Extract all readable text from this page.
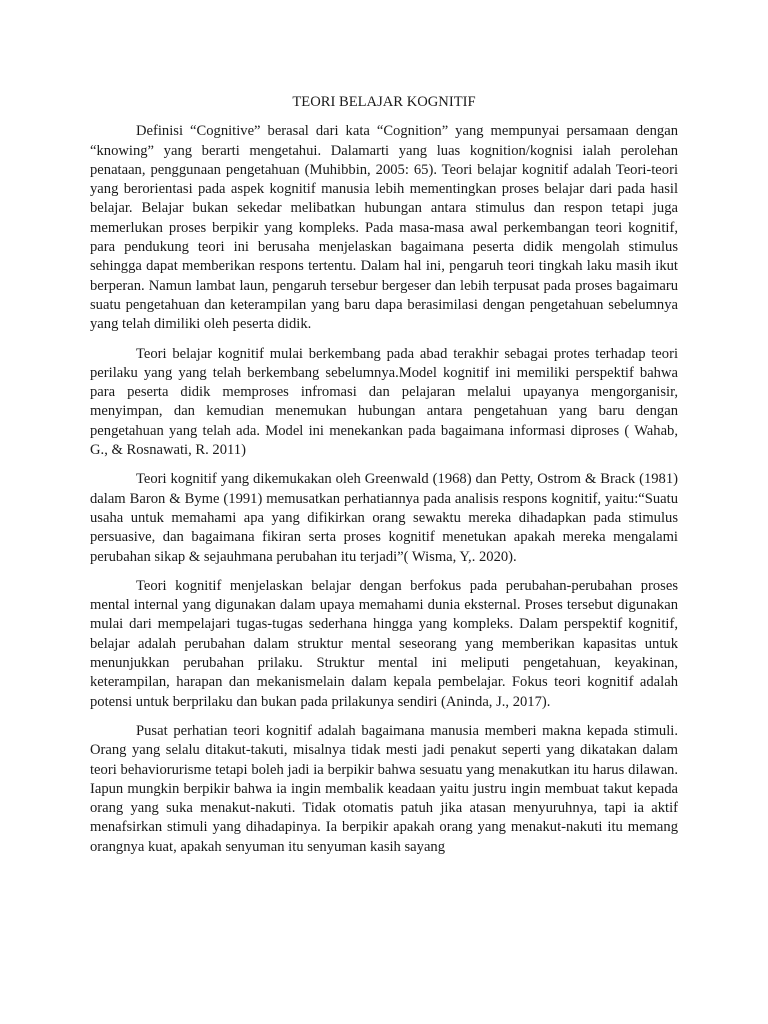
TEORI BELAJAR KOGNITIF

Definisi “Cognitive” berasal dari kata “Cognition” yang mempunyai persamaan dengan “knowing” yang berarti mengetahui. Dalamarti yang luas kognition/kognisi ialah perolehan penataan, penggunaan pengetahuan (Muhibbin, 2005: 65). Teori belajar kognitif adalah Teori-teori yang berorientasi pada aspek kognitif manusia lebih mementingkan proses belajar dari pada hasil belajar. Belajar bukan sekedar melibatkan hubungan antara stimulus dan respon tetapi juga memerlukan proses berpikir yang kompleks. Pada masa-masa awal perkembangan teori kognitif, para pendukung teori ini berusaha menjelaskan bagaimana peserta didik mengolah stimulus sehingga dapat memberikan respons tertentu. Dalam hal ini, pengaruh teori tingkah laku masih ikut berperan. Namun lambat laun, pengaruh tersebur bergeser dan lebih terpusat pada proses bagaimaru suatu pengetahuan dan keterampilan yang baru dapa berasimilasi dengan pengetahuan sebelumnya yang telah dimiliki oleh peserta didik.

Teori belajar kognitif mulai berkembang pada abad terakhir sebagai protes terhadap teori perilaku yang yang telah berkembang sebelumnya.Model kognitif ini memiliki perspektif bahwa para peserta didik memproses infromasi dan pelajaran melalui upayanya mengorganisir, menyimpan, dan kemudian menemukan hubungan antara pengetahuan yang baru dengan pengetahuan yang telah ada. Model ini menekankan pada bagaimana informasi diproses ( Wahab, G., & Rosnawati, R. 2011)

Teori kognitif yang dikemukakan oleh Greenwald (1968) dan Petty, Ostrom & Brack (1981) dalam Baron & Byme (1991) memusatkan perhatiannya pada analisis respons kognitif, yaitu:“Suatu usaha untuk memahami apa yang difikirkan orang sewaktu mereka dihadapkan pada stimulus persuasive, dan bagaimana fikiran serta proses kognitif menetukan apakah mereka mengalami perubahan sikap & sejauhmana perubahan itu terjadi”( Wisma, Y,. 2020).

Teori kognitif menjelaskan belajar dengan berfokus pada perubahan-perubahan proses mental internal yang digunakan dalam upaya memahami dunia eksternal. Proses tersebut digunakan mulai dari mempelajari tugas-tugas sederhana hingga yang kompleks. Dalam perspektif kognitif, belajar adalah perubahan dalam struktur mental seseorang yang memberikan kapasitas untuk menunjukkan perubahan prilaku. Struktur mental ini meliputi pengetahuan, keyakinan, keterampilan, harapan dan mekanismelain dalam kepala pembelajar. Fokus teori kognitif adalah potensi untuk berprilaku dan bukan pada prilakunya sendiri (Aninda, J., 2017).

Pusat perhatian teori kognitif adalah bagaimana manusia memberi makna kepada stimuli. Orang yang selalu ditakut-takuti, misalnya tidak mesti jadi penakut seperti yang dikatakan dalam teori behaviorurisme tetapi boleh jadi ia berpikir bahwa sesuatu yang menakutkan itu harus dilawan. Iapun mungkin berpikir bahwa ia ingin membalik keadaan yaitu justru ingin membuat takut kepada orang yang suka menakut-nakuti. Tidak otomatis patuh jika atasan menyuruhnya, tapi ia aktif menafsirkan stimuli yang dihadapinya. Ia berpikir apakah orang yang menakut-nakuti itu memang orangnya kuat, apakah senyuman itu senyuman kasih sayang
